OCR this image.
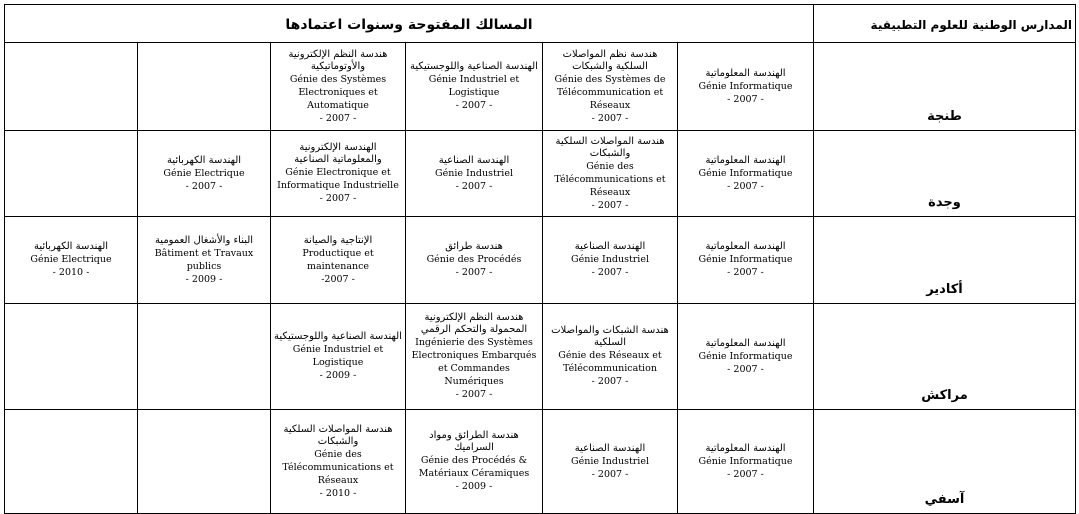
المسالك المفتوحة وسنوات اعتمادها						المدارس الوطنية للعلوم التطبيقية

		هندسة النظم الإلكترونية والأوتوماتيكية
Génie des Systèmes Electroniques et Automatique
- 2007 -	الهندسة الصناعية واللوجستيكية
Génie Industriel et Logistique
- 2007 -	هندسة نظم المواصلات السلكية والشبكات
Génie des Systèmes de Télécommunication et Réseaux
- 2007 -	الهندسة المعلوماتية
Génie Informatique
- 2007 -	طنجة

	الهندسة الكهربائية
Génie Electrique
- 2007 -	الهندسة الإلكترونية والمعلوماتية الصناعية
Génie Electronique et Informatique Industrielle
- 2007 -	الهندسة الصناعية
Génie Industriel
- 2007 -	هندسة المواصلات السلكية والشبكات
Génie des Télécommunications et Réseaux
- 2007 -	الهندسة المعلوماتية
Génie Informatique
- 2007 -	وجدة

الهندسة الكهربائية
Génie Electrique
- 2010 -	البناء والأشغال العمومية
Bâtiment et Travaux publics
- 2009 -	الإنتاجية والصيانة
Productique et maintenance
-2007 -	هندسة طرائق
Génie des Procédés
- 2007 -	الهندسة الصناعية
Génie Industriel
- 2007 -	الهندسة المعلوماتية
Génie Informatique
- 2007 -	أكادير

		الهندسة الصناعية واللوجستيكية
Génie Industriel et Logistique
- 2009 -	هندسة النظم الإلكترونية المحمولة والتحكم الرقمي
Ingénierie des Systèmes Electroniques Embarqués et Commandes Numériques
- 2007 -	هندسة الشبكات والمواصلات السلكية
Génie des Réseaux et Télécommunication
- 2007 -	الهندسة المعلوماتية
Génie Informatique
- 2007 -	مراكش

		هندسة المواصلات السلكية والشبكات
Génie des Télécommunications et Réseaux
- 2010 -	هندسة الطرائق ومواد السراميك
Génie des Procédés & Matériaux Céramiques
- 2009 -	الهندسة الصناعية
Génie Industriel
- 2007 -	الهندسة المعلوماتية
Génie Informatique
- 2007 -	آسفي
